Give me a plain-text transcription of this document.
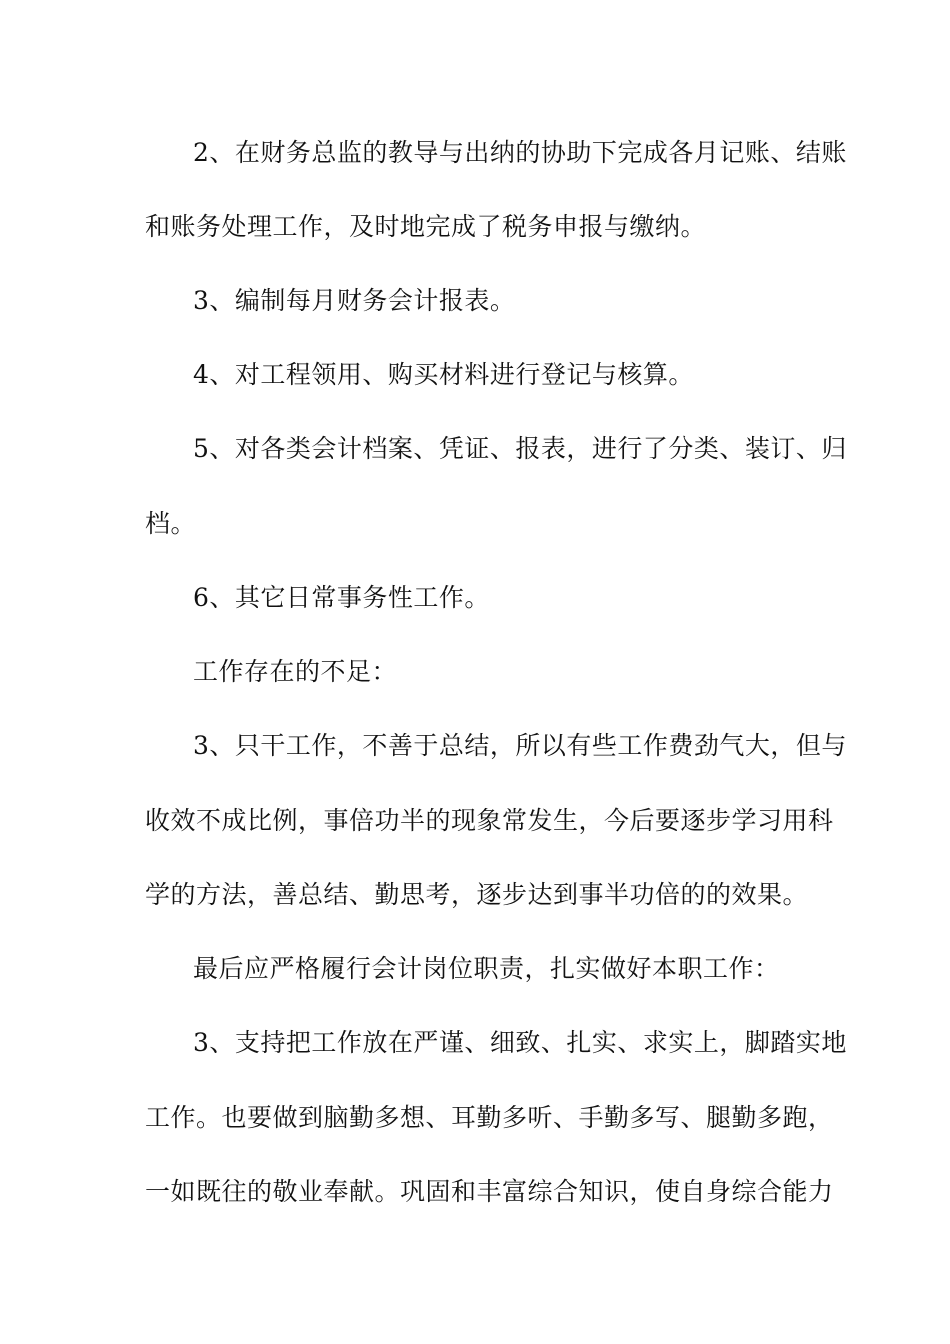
2、在财务总监的教导与出纳的协助下完成各月记账、结账

和账务处理工作，及时地完成了税务申报与缴纳。

3、编制每月财务会计报表。

4、对工程领用、购买材料进行登记与核算。

5、对各类会计档案、凭证、报表，进行了分类、装订、归

档。

6、其它日常事务性工作。

工作存在的不足：

3、只干工作，不善于总结，所以有些工作费劲气大，但与

收效不成比例，事倍功半的现象常发生，今后要逐步学习用科

学的方法，善总结、勤思考，逐步达到事半功倍的的效果。

最后应严格履行会计岗位职责，扎实做好本职工作：

3、支持把工作放在严谨、细致、扎实、求实上，脚踏实地

工作。也要做到脑勤多想、耳勤多听、手勤多写、腿勤多跑，

一如既往的敬业奉献。巩固和丰富综合知识，使自身综合能力
